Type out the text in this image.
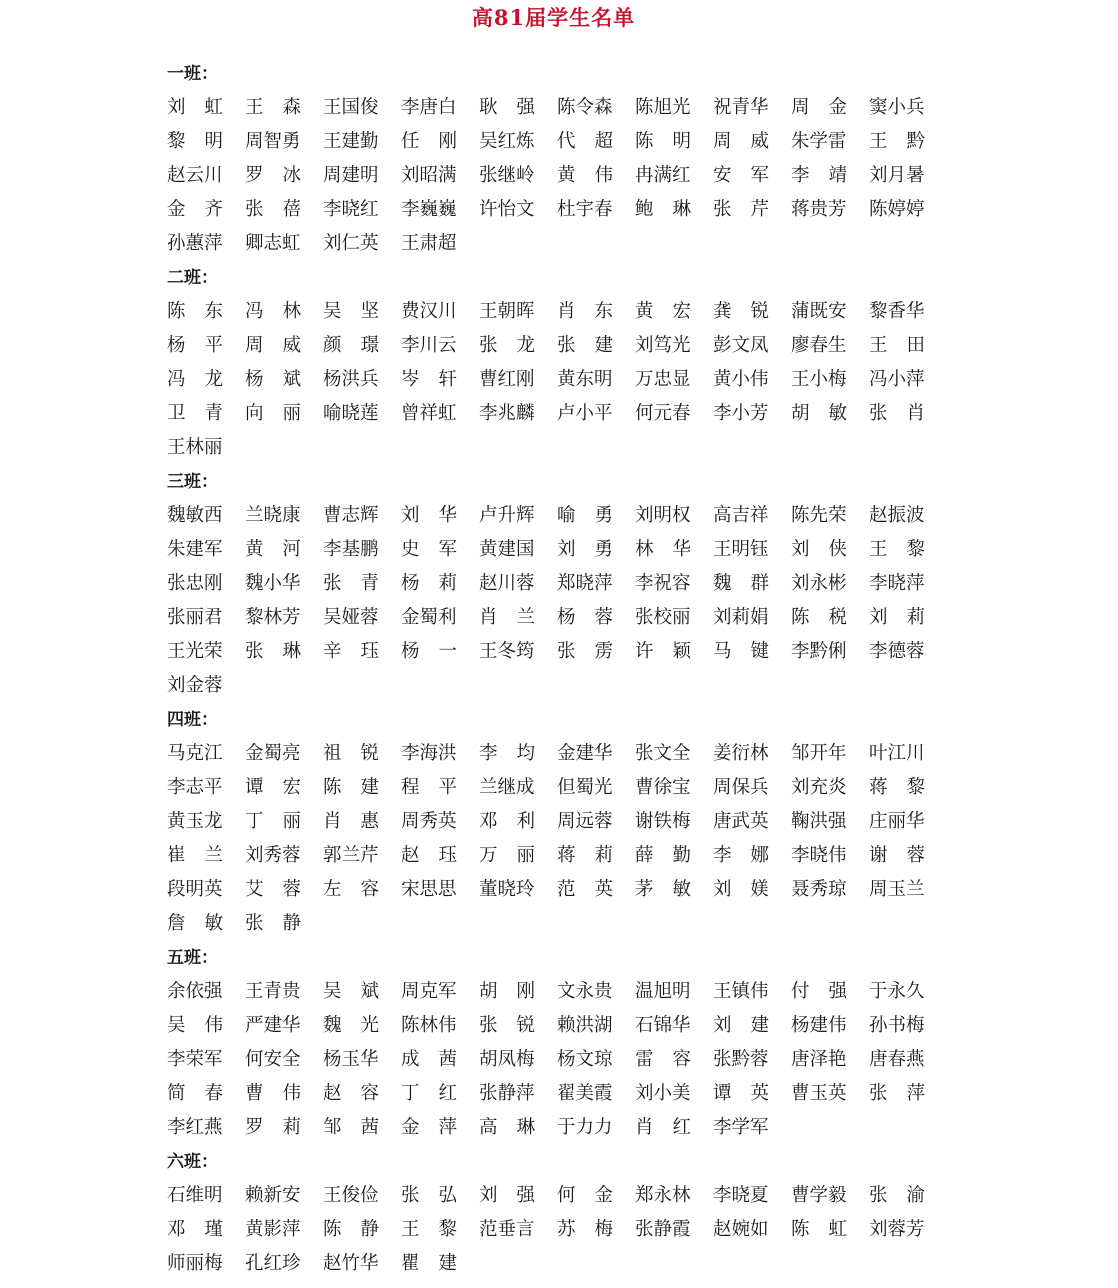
高81届学生名单
一班：
刘虹 王森 王国俊	李唐白	耿强 陈令森	陈旭光	祝青华	周金 窦小兵
黎明 周智勇	王建勤	任刚 吴红炼	代超 陈明 周威 朱学雷	王黔
赵云川	罗冰 周建明	刘昭满	张继岭	黄伟 冉满红	安军 李靖 刘月暑
金齐 张蓓 李晓红	李巍巍	许怡文	杜宇春	鲍琳 张芹 蒋贵芳	陈婷婷
孙蕙萍	卿志虹	刘仁英	王肃超
二班：
陈东 冯林 吴坚 费汉川	王朝晖	肖东 黄宏 龚锐 蒲既安	黎香华
杨平 周威 颜璟 李川云	张龙 张建 刘笃光	彭文凤	廖春生	王田
冯龙 杨斌 杨洪兵	岑轩 曹红刚	黄东明	万忠显	黄小伟	王小梅	冯小萍
卫青 向丽 喻晓莲	曾祥虹	李兆麟	卢小平	何元春	李小芳	胡敏 张肖
王林丽
三班：
魏敏西	兰晓康	曹志辉	刘华 卢升辉	喻勇 刘明权	高吉祥	陈先荣	赵振波
朱建军	黄河 李基鹏	史军 黄建国	刘勇 林华 王明钰	刘侠 王黎
张忠刚	魏小华	张青 杨莉 赵川蓉	郑晓萍	李祝容	魏群 刘永彬	李晓萍
张丽君	黎林芳	吴娅蓉	金蜀利	肖兰 杨蓉 张校丽	刘莉娟	陈税 刘莉
王光荣	张琳 辛珏 杨一 王冬筠	张雳 许颖 马键 李黔俐	李德蓉
刘金蓉
四班：
马克江	金蜀亮	祖锐 李海洪	李均 金建华	张文全	姜衍林	邹开年	叶江川
李志平	谭宏 陈建 程平 兰继成	但蜀光	曹徐宝	周保兵	刘充炎	蒋黎
黄玉龙	丁丽 肖惠 周秀英	邓利 周远蓉	谢铁梅	唐武英	鞠洪强	庄丽华
崔兰 刘秀蓉	郭兰芹	赵珏 万丽 蒋莉 薛勤 李娜 李晓伟	谢蓉
段明英	艾蓉 左容 宋思思	董晓玲	范英 茅敏 刘媄 聂秀琼	周玉兰
詹敏 张静
五班：
余依强	王青贵	吴斌 周克军	胡刚 文永贵	温旭明	王镇伟	付强 于永久
吴伟 严建华	魏光 陈林伟	张锐 赖洪湖	石锦华	刘建 杨建伟	孙书梅
李荣军	何安全	杨玉华	成茜 胡凤梅	杨文琼	雷容 张黔蓉	唐泽艳	唐春燕
简春 曹伟 赵容 丁红 张静萍	翟美霞	刘小美	谭英 曹玉英	张萍
李红燕	罗莉 邹茜 金萍 高琳 于力力	肖红 李学军
六班：
石维明	赖新安	王俊俭	张弘 刘强 何金 郑永林	李晓夏	曹学毅	张渝
邓瑾 黄影萍	陈静 王黎 范垂言	苏梅 张静霞	赵婉如	陈虹 刘蓉芳
师丽梅	孔红珍	赵竹华	瞿建
